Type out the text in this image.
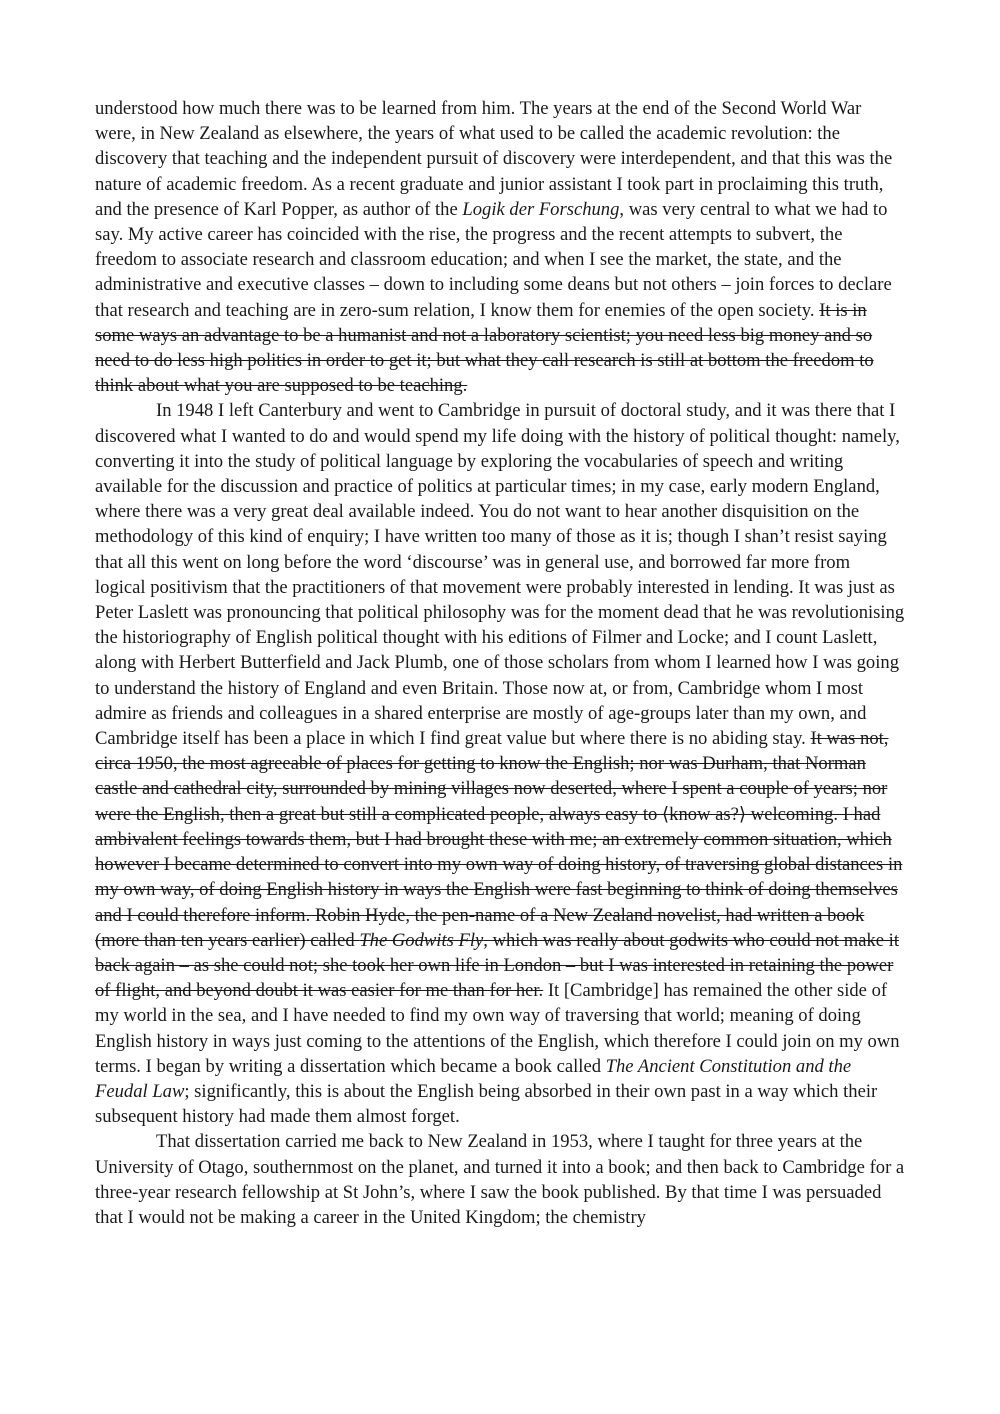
understood how much there was to be learned from him. The years at the end of the Second World War were, in New Zealand as elsewhere, the years of what used to be called the academic revolution: the discovery that teaching and the independent pursuit of discovery were interdependent, and that this was the nature of academic freedom. As a recent graduate and junior assistant I took part in proclaiming this truth, and the presence of Karl Popper, as author of the Logik der Forschung, was very central to what we had to say. My active career has coincided with the rise, the progress and the recent attempts to subvert, the freedom to associate research and classroom education; and when I see the market, the state, and the administrative and executive classes – down to including some deans but not others – join forces to declare that research and teaching are in zero-sum relation, I know them for enemies of the open society. It is in some ways an advantage to be a humanist and not a laboratory scientist; you need less big money and so need to do less high politics in order to get it; but what they call research is still at bottom the freedom to think about what you are supposed to be teaching.

In 1948 I left Canterbury and went to Cambridge in pursuit of doctoral study, and it was there that I discovered what I wanted to do and would spend my life doing with the history of political thought: namely, converting it into the study of political language by exploring the vocabularies of speech and writing available for the discussion and practice of politics at particular times; in my case, early modern England, where there was a very great deal available indeed. You do not want to hear another disquisition on the methodology of this kind of enquiry; I have written too many of those as it is; though I shan’t resist saying that all this went on long before the word ‘discourse’ was in general use, and borrowed far more from logical positivism that the practitioners of that movement were probably interested in lending. It was just as Peter Laslett was pronouncing that political philosophy was for the moment dead that he was revolutionising the historiography of English political thought with his editions of Filmer and Locke; and I count Laslett, along with Herbert Butterfield and Jack Plumb, one of those scholars from whom I learned how I was going to understand the history of England and even Britain. Those now at, or from, Cambridge whom I most admire as friends and colleagues in a shared enterprise are mostly of age-groups later than my own, and Cambridge itself has been a place in which I find great value but where there is no abiding stay. It was not, circa 1950, the most agreeable of places for getting to know the English; nor was Durham, that Norman castle and cathedral city, surrounded by mining villages now deserted, where I spent a couple of years; nor were the English, then a great but still a complicated people, always easy to ⟨know as?⟩ welcoming. I had ambivalent feelings towards them, but I had brought these with me; an extremely common situation, which however I became determined to convert into my own way of doing history, of traversing global distances in my own way, of doing English history in ways the English were fast beginning to think of doing themselves and I could therefore inform. Robin Hyde, the pen-name of a New Zealand novelist, had written a book (more than ten years earlier) called The Godwits Fly, which was really about godwits who could not make it back again – as she could not; she took her own life in London – but I was interested in retaining the power of flight, and beyond doubt it was easier for me than for her. It [Cambridge] has remained the other side of my world in the sea, and I have needed to find my own way of traversing that world; meaning of doing English history in ways just coming to the attentions of the English, which therefore I could join on my own terms. I began by writing a dissertation which became a book called The Ancient Constitution and the Feudal Law; significantly, this is about the English being absorbed in their own past in a way which their subsequent history had made them almost forget.

That dissertation carried me back to New Zealand in 1953, where I taught for three years at the University of Otago, southernmost on the planet, and turned it into a book; and then back to Cambridge for a three-year research fellowship at St John’s, where I saw the book published. By that time I was persuaded that I would not be making a career in the United Kingdom; the chemistry
